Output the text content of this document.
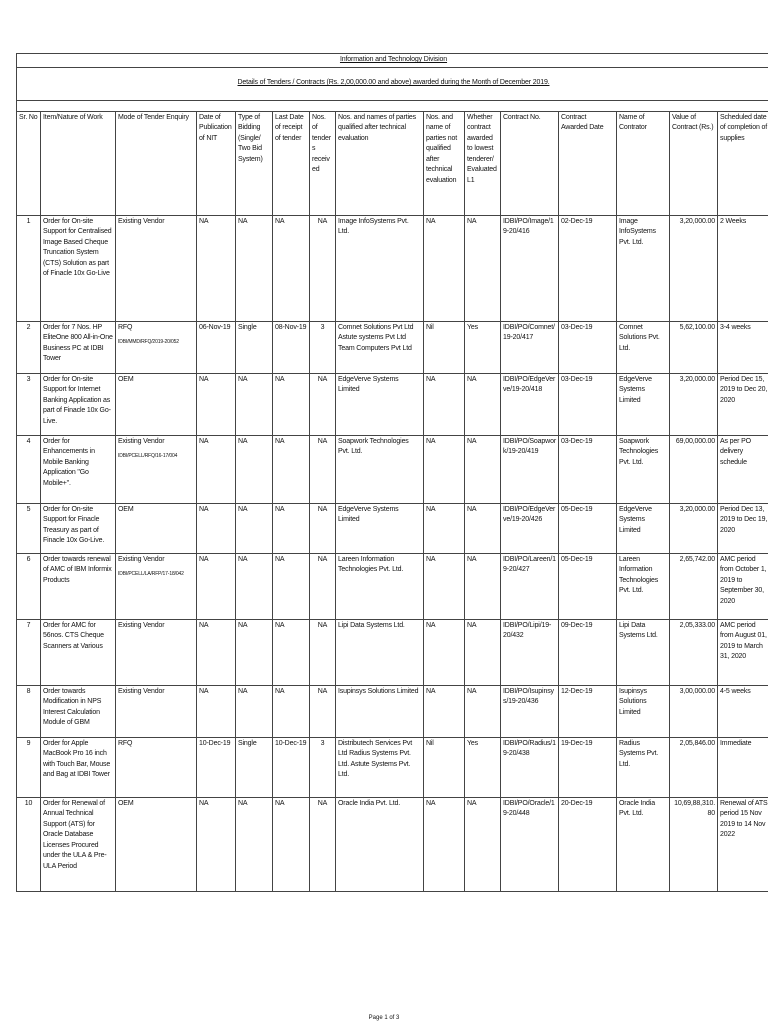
Information and Technology Division														
Details of Tenders / Contracts (Rs. 2,00,000.00 and above) awarded during the Month of December 2019.														

Sr. No	Item/Nature of Work	Mode of Tender Enquiry	Date of Publication of NIT	Type of Bidding (Single/ Two Bid System)	Last Date of receipt of tender	Nos. of tenders received	Nos. and names of parties qualified after technical evaluation	Nos. and name of parties not qualified after technical evaluation	Whether contract awarded to lowest tenderer/ Evaluated L1	Contract No.	Contract Awarded Date	Name of Contrator	Value of Contract (Rs.)	Scheduled date of completion of supplies
1	Order for On-site Support for Centralised Image Based Cheque Truncation System (CTS) Solution as part of Finacle 10x Go-Live	Existing Vendor	NA	NA	NA	NA	Image InfoSystems Pvt. Ltd.	NA	NA	IDBI/PO/Image/19-20/416	02-Dec-19	Image InfoSystems Pvt. Ltd.	3,20,000.00	2 Weeks
2	Order for 7 Nos. HP EliteOne 800 All-in-One Business PC at IDBI Tower	RFQ
IDBI/MMD/RFQ/2019-20/052	06-Nov-19	Single	08-Nov-19	3	Comnet Solutions Pvt Ltd Astute systems Pvt Ltd Team Computers Pvt Ltd	Nil	Yes	IDBI/PO/Comnet/19-20/417	03-Dec-19	Comnet Solutions Pvt. Ltd.	5,62,100.00	3-4 weeks
3	Order for On-site Support for Internet Banking Application as part of Finacle 10x Go-Live.	OEM	NA	NA	NA	NA	EdgeVerve Systems Limited	NA	NA	IDBI/PO/EdgeVerve/19-20/418	03-Dec-19	EdgeVerve Systems Limited	3,20,000.00	Period Dec 15, 2019 to Dec 20, 2020
4	Order for Enhancements in Mobile Banking Application "Go Mobile+".	Existing Vendor
IDBI/PCELL/RFQ/16-17/004	NA	NA	NA	NA	Soapwork Technologies Pvt. Ltd.	NA	NA	IDBI/PO/Soapwork/19-20/419	03-Dec-19	Soapwork Technologies Pvt. Ltd.	69,00,000.00	As per PO delivery schedule
5	Order for On-site Support for Finacle Treasury as part of Finacle 10x Go-Live.	OEM	NA	NA	NA	NA	EdgeVerve Systems Limited	NA	NA	IDBI/PO/EdgeVerve/19-20/426	05-Dec-19	EdgeVerve Systems Limited	3,20,000.00	Period Dec 13, 2019 to Dec 19, 2020
6	Order towards renewal of AMC of IBM Informix Products	Existing Vendor
IDBI/PCELL/LA/RFP/17-18/042	NA	NA	NA	NA	Lareen Information Technologies Pvt. Ltd.	NA	NA	IDBI/PO/Lareen/19-20/427	05-Dec-19	Lareen Information Technologies Pvt. Ltd.	2,65,742.00	AMC period from October 1, 2019 to September 30, 2020
7	Order for AMC for 56nos. CTS Cheque Scanners at Various	Existing Vendor	NA	NA	NA	NA	Lipi Data Systems Ltd.	NA	NA	IDBI/PO/Lipi/19-20/432	09-Dec-19	Lipi Data Systems Ltd.	2,05,333.00	AMC period from August 01, 2019 to March 31, 2020
8	Order towards Modification in NPS Interest Calculation Module of GBM	Existing Vendor	NA	NA	NA	NA	Isupinsys Solutions Limited	NA	NA	IDBI/PO/Isupinsys/19-20/436	12-Dec-19	Isupinsys Solutions Limited	3,00,000.00	4-5 weeks
9	Order for Apple MacBook Pro 16 inch with Touch Bar, Mouse and Bag at IDBI Tower	RFQ	10-Dec-19	Single	10-Dec-19	3	Distributech Services Pvt Ltd Radius Systems Pvt. Ltd. Astute Systems Pvt. Ltd.	Nil	Yes	IDBI/PO/Radius/19-20/438	19-Dec-19	Radius Systems Pvt. Ltd.	2,05,846.00	Immediate
10	Order for Renewal of Annual Technical Support (ATS) for Oracle Database Licenses Procured under the ULA & Pre-ULA Period	OEM	NA	NA	NA	NA	Oracle India Pvt. Ltd.	NA	NA	IDBI/PO/Oracle/19-20/448	20-Dec-19	Oracle India Pvt. Ltd.	10,69,88,310.80	Renewal of ATS period 15 Nov 2019 to 14 Nov 2022
Page 1 of 3
